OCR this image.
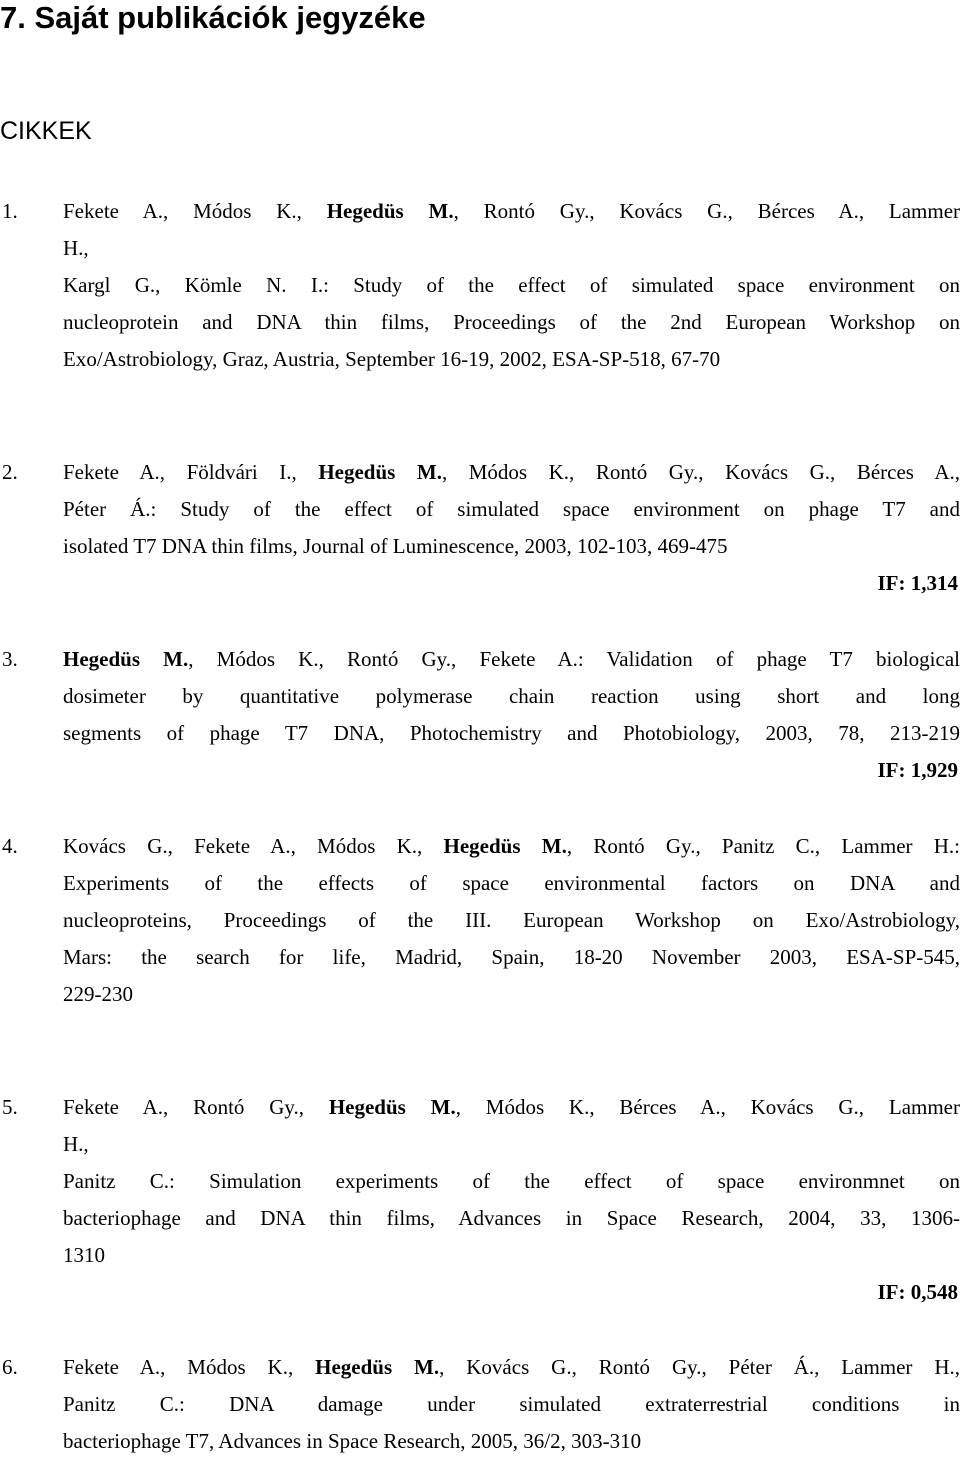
7. Saját publikációk jegyzéke
CIKKEK
1. Fekete A., Módos K., Hegedüs M., Rontó Gy., Kovács G., Bérces A., Lammer
H.,
Kargl G., Kömle N. I.: Study of the effect of simulated space environment on
nucleoprotein and DNA thin films, Proceedings of the 2nd European Workshop on
Exo/Astrobiology, Graz, Austria, September 16-19, 2002, ESA-SP-518, 67-70
2. Fekete A., Földvári I., Hegedüs M., Módos K., Rontó Gy., Kovács G., Bérces A.,
Péter Á.: Study of the effect of simulated space environment on phage T7 and
isolated T7 DNA thin films, Journal of Luminescence, 2003, 102-103, 469-475
IF: 1,314
3. Hegedüs M., Módos K., Rontó Gy., Fekete A.: Validation of phage T7 biological
dosimeter by quantitative polymerase chain reaction using short and long
segments of phage T7 DNA, Photochemistry and Photobiology, 2003, 78, 213-219
IF: 1,929
4. Kovács G., Fekete A., Módos K., Hegedüs M., Rontó Gy., Panitz C., Lammer H.:
Experiments of the effects of space environmental factors on DNA and
nucleoproteins, Proceedings of the III. European Workshop on Exo/Astrobiology,
Mars: the search for life, Madrid, Spain, 18-20 November 2003, ESA-SP-545,
229-230
5. Fekete A., Rontó Gy., Hegedüs M., Módos K., Bérces A., Kovács G., Lammer
H.,
Panitz C.: Simulation experiments of the effect of space environmnet on
bacteriophage and DNA thin films, Advances in Space Research, 2004, 33, 1306-
1310
IF: 0,548
6. Fekete A., Módos K., Hegedüs M., Kovács G., Rontó Gy., Péter Á., Lammer H.,
Panitz C.: DNA damage under simulated extraterrestrial conditions in
bacteriophage T7, Advances in Space Research, 2005, 36/2, 303-310
